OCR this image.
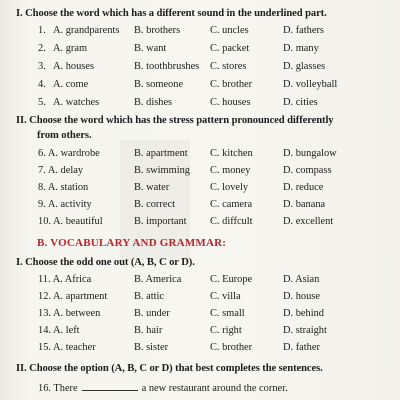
I. Choose the word which has a different sound in the underlined part.
1. A. grandparents B. brothers	C. uncles	D. fathers
2. A. gram	B. want	C. packet	D. many
3. A. houses	B. toothbrushes C. stores	D. glasses
4. A. come	B. someone	C. brother	D. volleyball
5. A. watches	B. dishes	C. houses	D. cities
II. Choose the word which has the stress pattern pronounced differently
from others.
6. A. wardrobe	B. apartment C. kitchen	D. bungalow
7. A. delay	B. swimming C. money	D. compass
8. A. station	B. water	C. lovely	D. reduce
9. A. activity	B. correct	C. camera	D. banana
10. A. beautiful	B. important C. diffcult	D. excellent
B. VOCABULARY AND GRAMMAR:
I. Choose the odd one out (A, B, C or D).
11. A. Africa	B. America	C. Europe	D. Asian
12. A. apartment	B. attic	C. villa	D. house
13. A. between	B. under	C. small	D. behind
14. A. left	B. hair	C. right	D. straight
15. A. teacher	B. sister	C. brother	D. father
II. Choose the option (A, B, C or D) that best completes the sentences.
16. There	a new restaurant around the corner.
